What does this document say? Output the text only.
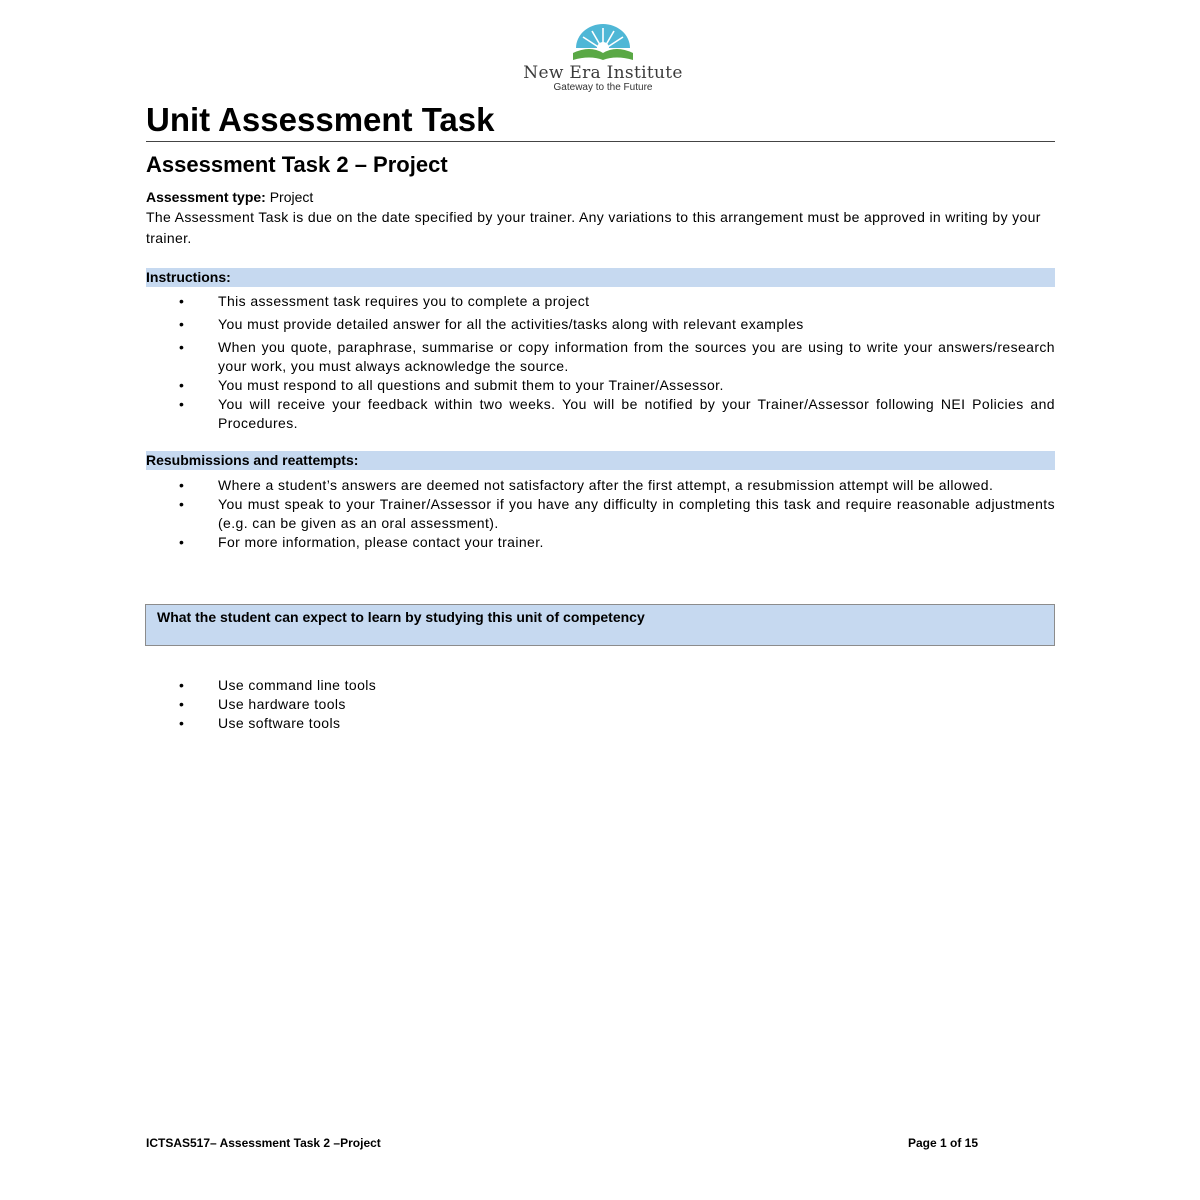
New Era Institute
Gateway to the Future
Unit Assessment Task
Assessment Task 2 – Project
Assessment type: Project
The Assessment Task is due on the date specified by your trainer. Any variations to this arrangement must be approved in writing by your trainer.
Instructions:
• This assessment task requires you to complete a project
• You must provide detailed answer for all the activities/tasks along with relevant examples
• When you quote, paraphrase, summarise or copy information from the sources you are using to write your answers/research your work, you must always acknowledge the source.
• You must respond to all questions and submit them to your Trainer/Assessor.
• You will receive your feedback within two weeks. You will be notified by your Trainer/Assessor following NEI Policies and Procedures.
Resubmissions and reattempts:
• Where a student’s answers are deemed not satisfactory after the first attempt, a resubmission attempt will be allowed.
• You must speak to your Trainer/Assessor if you have any difficulty in completing this task and require reasonable adjustments (e.g. can be given as an oral assessment).
• For more information, please contact your trainer.
What the student can expect to learn by studying this unit of competency
• Use command line tools
• Use hardware tools
• Use software tools
ICTSAS517– Assessment Task 2 –Project	Page 1 of 15
